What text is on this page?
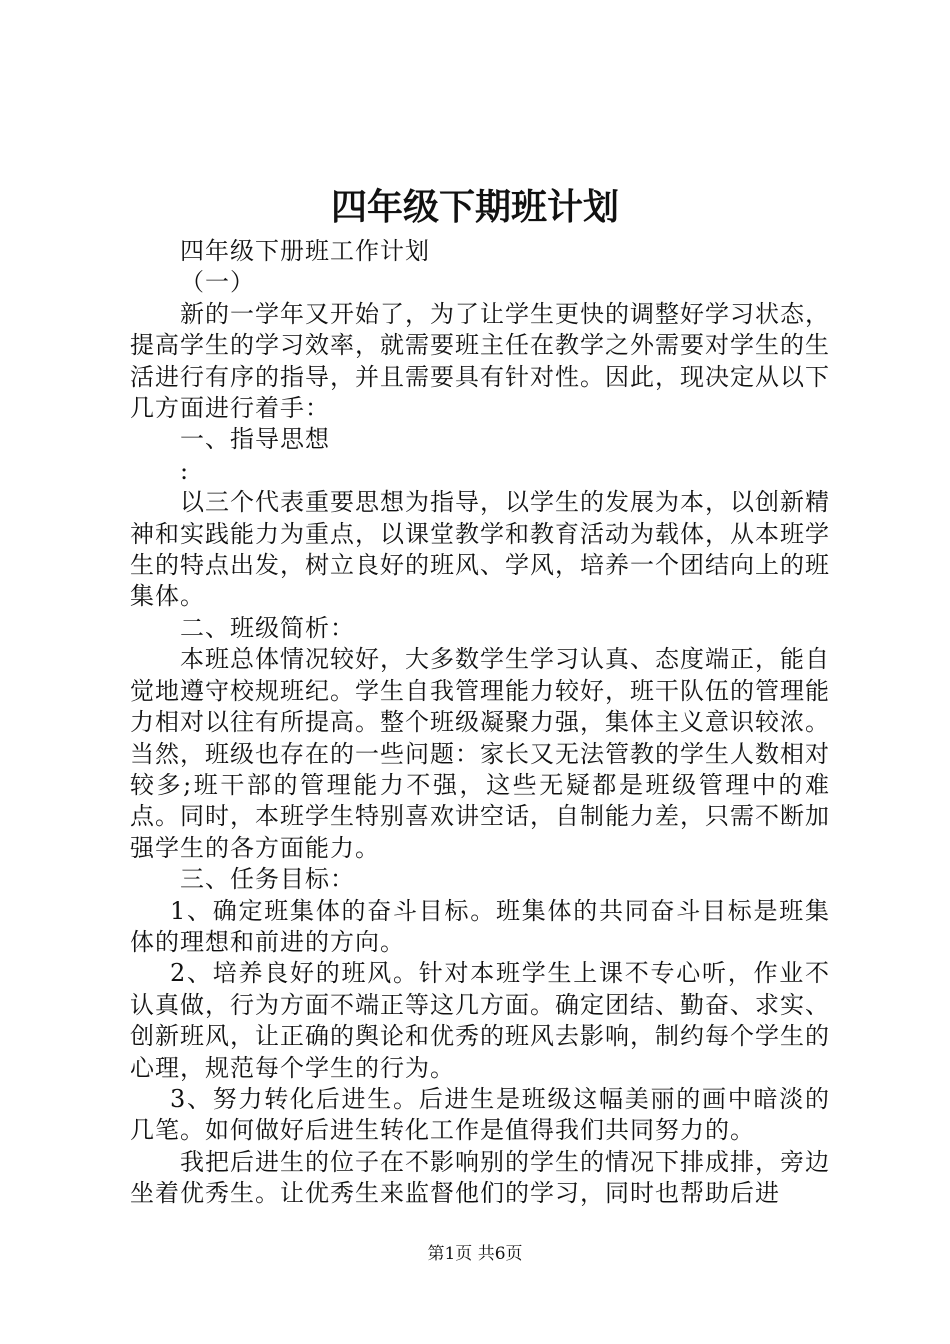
四年级下期班计划

四年级下册班工作计划

（一）

新的一学年又开始了，为了让学生更快的调整好学习状态，提高学生的学习效率，就需要班主任在教学之外需要对学生的生活进行有序的指导，并且需要具有针对性。因此，现决定从以下几方面进行着手：

一、指导思想

:

以三个代表重要思想为指导，以学生的发展为本，以创新精神和实践能力为重点，以课堂教学和教育活动为载体，从本班学生的特点出发，树立良好的班风、学风，培养一个团结向上的班集体。

二、班级简析：

本班总体情况较好，大多数学生学习认真、态度端正，能自觉地遵守校规班纪。学生自我管理能力较好，班干队伍的管理能力相对以往有所提高。整个班级凝聚力强，集体主义意识较浓。当然，班级也存在的一些问题：家长又无法管教的学生人数相对较多;班干部的管理能力不强，这些无疑都是班级管理中的难点。同时，本班学生特别喜欢讲空话，自制能力差，只需不断加强学生的各方面能力。

三、任务目标：

1、确定班集体的奋斗目标。班集体的共同奋斗目标是班集体的理想和前进的方向。

2、培养良好的班风。针对本班学生上课不专心听，作业不认真做，行为方面不端正等这几方面。确定团结、勤奋、求实、创新班风，让正确的舆论和优秀的班风去影响，制约每个学生的心理，规范每个学生的行为。

3、努力转化后进生。后进生是班级这幅美丽的画中暗淡的几笔。如何做好后进生转化工作是值得我们共同努力的。

我把后进生的位子在不影响别的学生的情况下排成排，旁边坐着优秀生。让优秀生来监督他们的学习，同时也帮助后进

第1页 共6页
